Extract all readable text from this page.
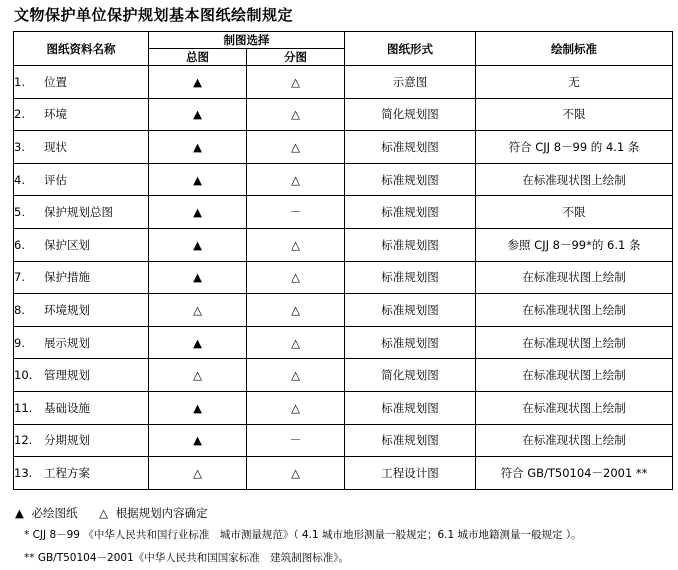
文物保护单位保护规划基本图纸绘制规定
图纸资料名称	制图选择		图纸形式	绘制标准
	总图	分图		
1. 位置	▲	△	示意图	无
2. 环境	▲	△	简化规划图	不限
3. 现状	▲	△	标准规划图	符合 CJJ 8－99 的 4.1 条
4. 评估	▲	△	标准规划图	在标准现状图上绘制
5. 保护规划总图	▲	－	标准规划图	不限
6. 保护区划	▲	△	标准规划图	参照 CJJ 8－99*的 6.1 条
7. 保护措施	▲	△	标准规划图	在标准现状图上绘制
8. 环境规划	△	△	标准规划图	在标准现状图上绘制
9. 展示规划	▲	△	标准规划图	在标准现状图上绘制
10. 管理规划	△	△	简化规划图	在标准现状图上绘制
11. 基础设施	▲	△	标准规划图	在标准现状图上绘制
12. 分期规划	▲	－	标准规划图	在标准现状图上绘制
13. 工程方案	△	△	工程设计图	符合 GB/T50104－2001 **
▲ 必绘图纸 △ 根据规划内容确定
* CJJ 8－99 《中华人民共和国行业标准　城市测量规范》（ 4.1 城市地形测量一般规定；6.1 城市地籍测量一般规定 ）。
** GB/T50104－2001《中华人民共和国国家标准　建筑制图标准》。
